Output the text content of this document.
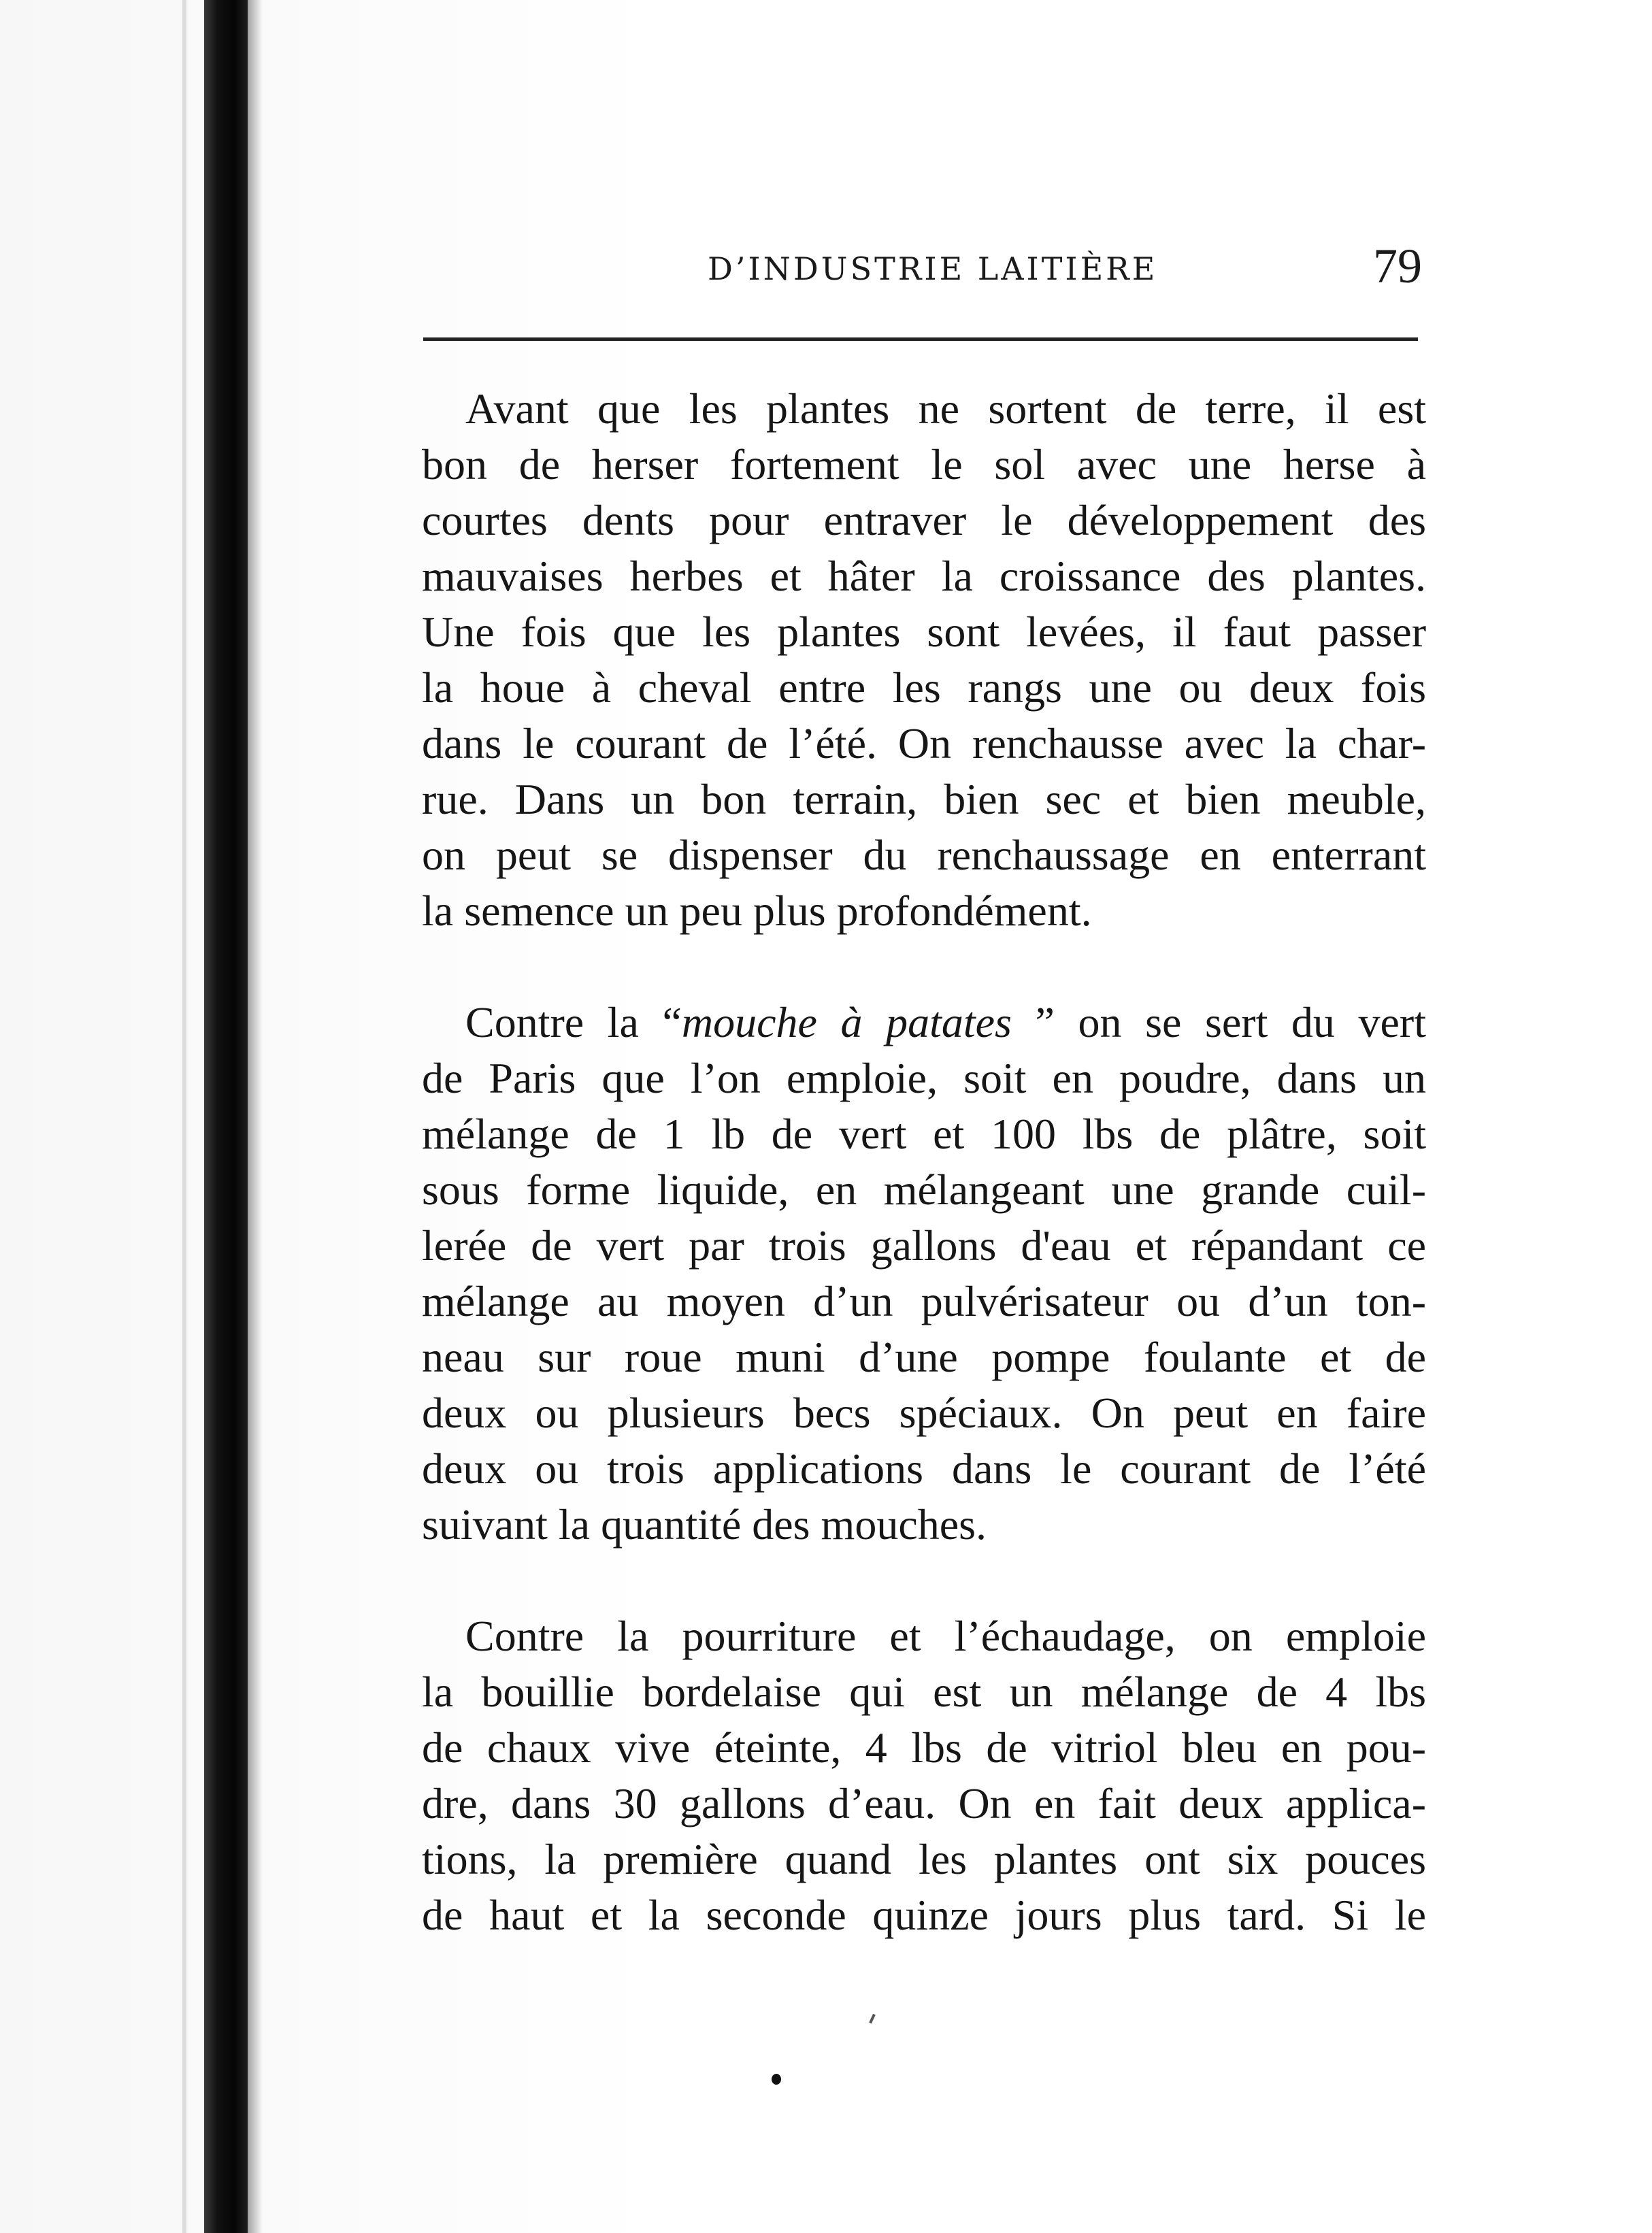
D’INDUSTRIE LAITIÈRE	79

Avant que les plantes ne sortent de terre, il est
bon de herser fortement le sol avec une herse à
courtes dents pour entraver le développement des
mauvaises herbes et hâter la croissance des plantes.
Une fois que les plantes sont levées, il faut passer
la houe à cheval entre les rangs une ou deux fois
dans le courant de l’été. On renchausse avec la char-
rue. Dans un bon terrain, bien sec et bien meuble,
on peut se dispenser du renchaussage en enterrant
la semence un peu plus profondément.

Contre la “mouche à patates ” on se sert du vert
de Paris que l’on emploie, soit en poudre, dans un
mélange de 1 lb de vert et 100 lbs de plâtre, soit
sous forme liquide, en mélangeant une grande cuil-
lerée de vert par trois gallons d'eau et répandant ce
mélange au moyen d’un pulvérisateur ou d’un ton-
neau sur roue muni d’une pompe foulante et de
deux ou plusieurs becs spéciaux. On peut en faire
deux ou trois applications dans le courant de l’été
suivant la quantité des mouches.

Contre la pourriture et l’échaudage, on emploie
la bouillie bordelaise qui est un mélange de 4 lbs
de chaux vive éteinte, 4 lbs de vitriol bleu en pou-
dre, dans 30 gallons d’eau. On en fait deux applica-
tions, la première quand les plantes ont six pouces
de haut et la seconde quinze jours plus tard. Si le
